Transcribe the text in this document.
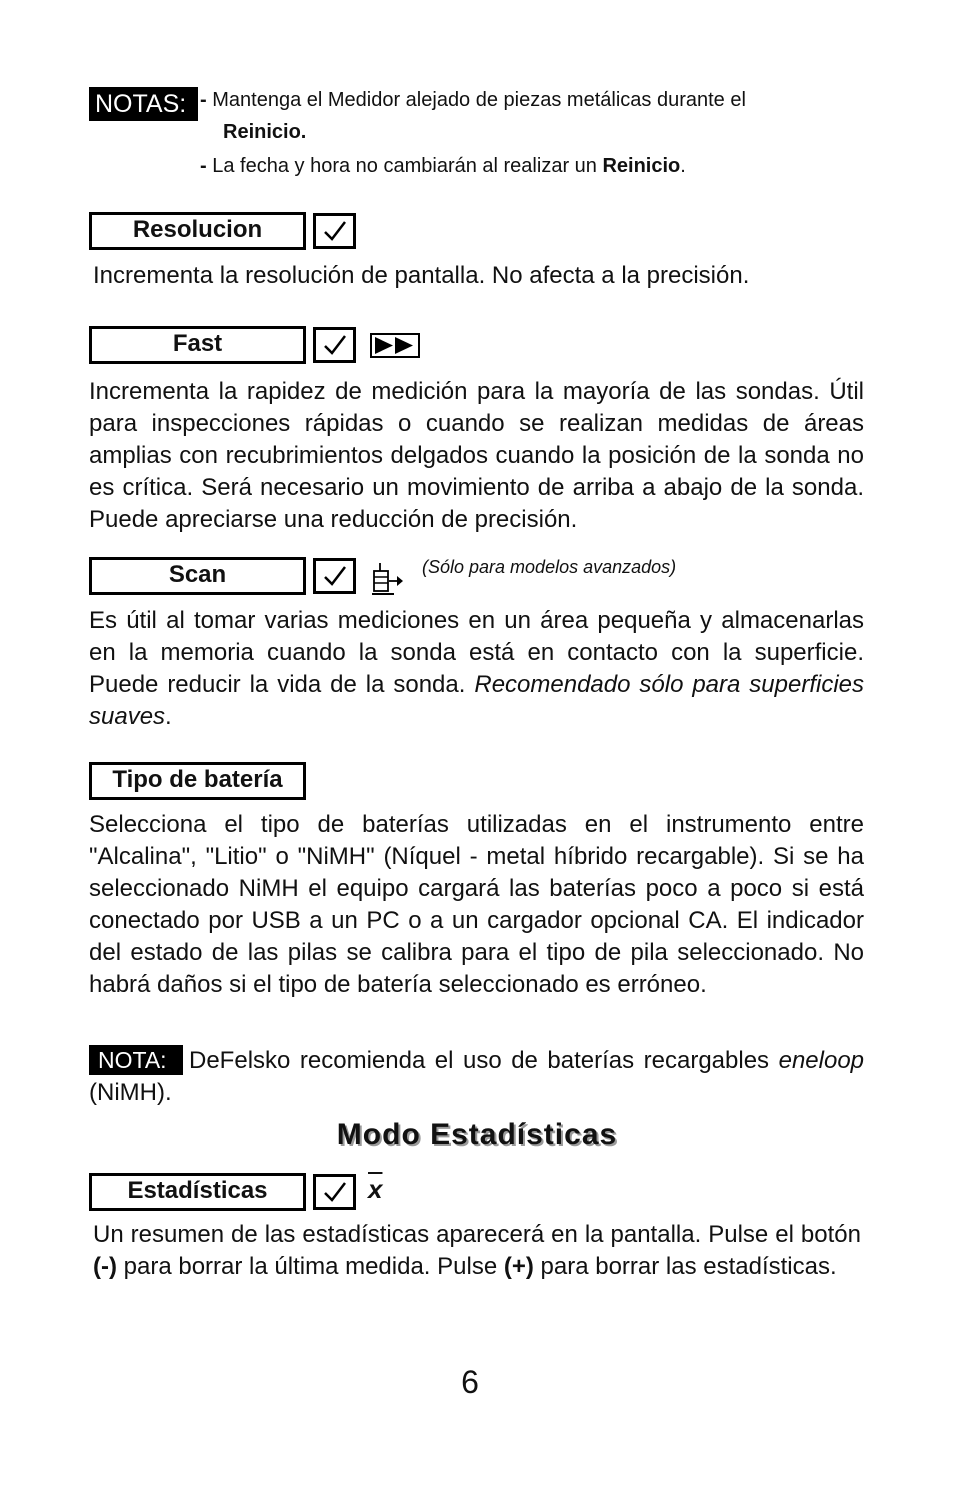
NOTAS: - Mantenga el Medidor alejado de piezas metálicas durante el
Reinicio.
- La fecha y hora no cambiarán al realizar un Reinicio.
Resolucion
Incrementa la resolución de pantalla. No afecta a la precisión.
Fast
Incrementa la rapidez de medición para la mayoría de las sondas. Útil para inspecciones rápidas o cuando se realizan medidas de áreas amplias con recubrimientos delgados cuando la posición de la sonda no es crítica. Será necesario un movimiento de arriba a abajo de la sonda. Puede apreciarse una reducción de precisión.
Scan	(Sólo para modelos avanzados)
Es útil al tomar varias mediciones en un área pequeña y almacenarlas en la memoria cuando la sonda está en contacto con la superficie. Puede reducir la vida de la sonda. Recomendado sólo para superficies suaves.
Tipo de batería
Selecciona el tipo de baterías utilizadas en el instrumento entre "Alcalina", "Litio" o "NiMH" (Níquel - metal híbrido recargable). Si se ha seleccionado NiMH el equipo cargará las baterías poco a poco si está conectado por USB a un PC o a un cargador opcional CA. El indicador del estado de las pilas se calibra para el tipo de pila seleccionado. No habrá daños si el tipo de batería seleccionado es erróneo.
NOTA: DeFelsko recomienda el uso de baterías recargables eneloop (NiMH).
Modo Estadísticas
Estadísticas	$\overline{x}$
Un resumen de las estadísticas aparecerá en la pantalla. Pulse el botón (-) para borrar la última medida. Pulse (+) para borrar las estadísticas.
6
